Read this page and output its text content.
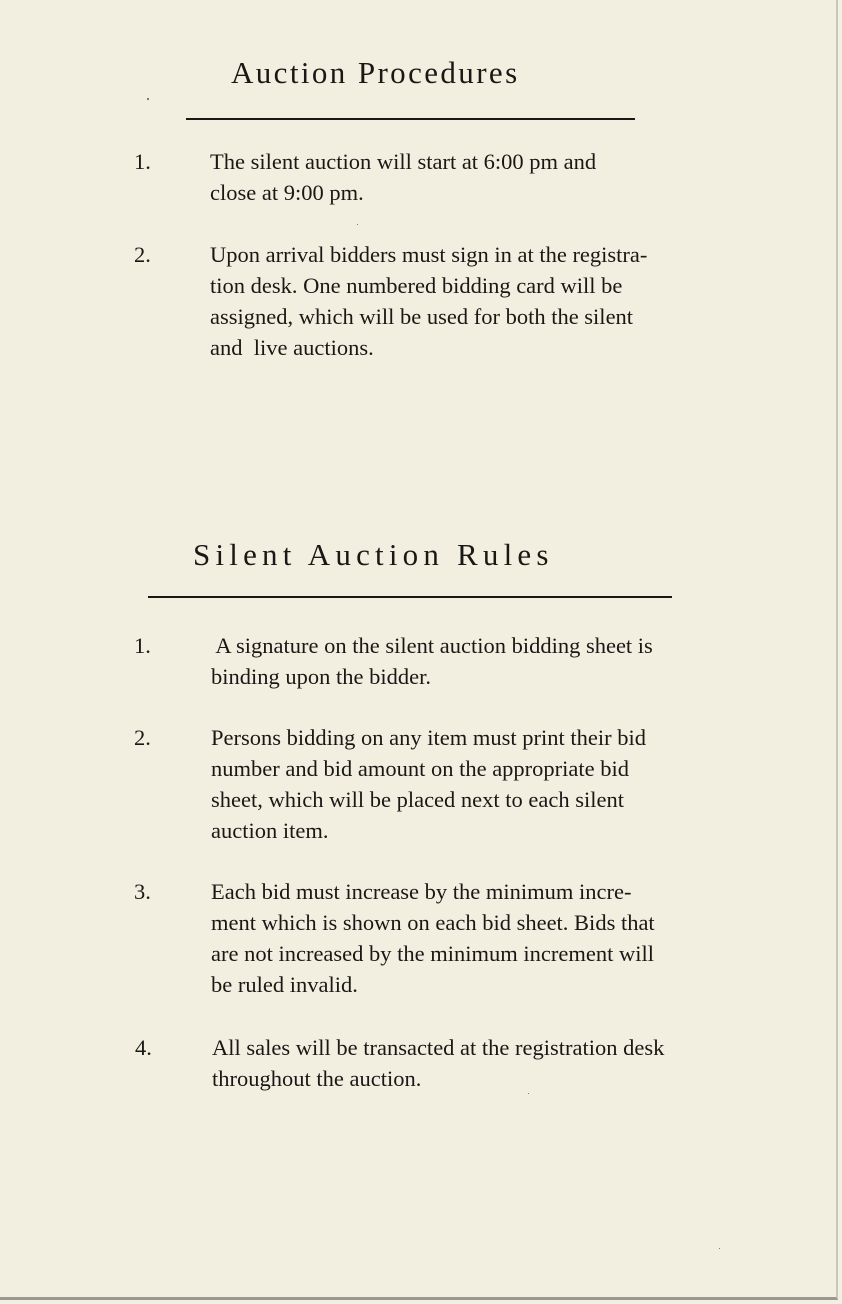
Auction Procedures
1.	The silent auction will start at 6:00 pm and
close at 9:00 pm.
2.	Upon arrival bidders must sign in at the registra-
tion desk. One numbered bidding card will be
assigned, which will be used for both the silent
and  live auctions.
Silent Auction Rules
1.	A signature on the silent auction bidding sheet is
binding upon the bidder.
2.	Persons bidding on any item must print their bid
number and bid amount on the appropriate bid
sheet, which will be placed next to each silent
auction item.
3.	Each bid must increase by the minimum incre-
ment which is shown on each bid sheet. Bids that
are not increased by the minimum increment will
be ruled invalid.
4.	All sales will be transacted at the registration desk
throughout the auction.
